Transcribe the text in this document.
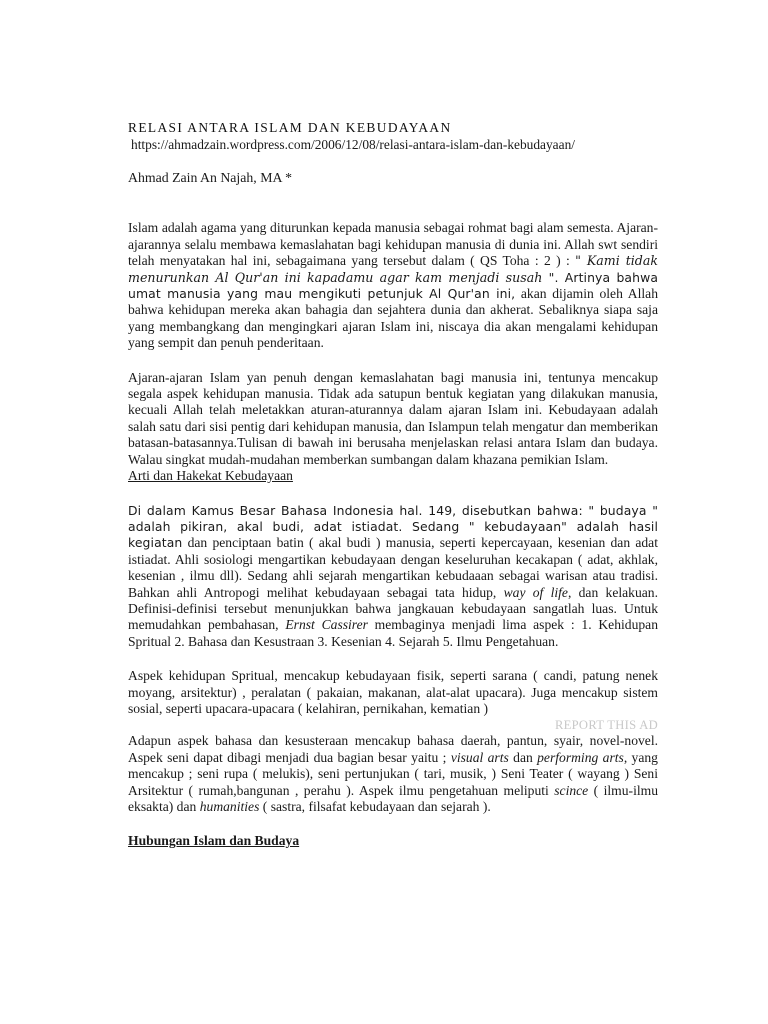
RELASI ANTARA ISLAM DAN KEBUDAYAAN
https://ahmadzain.wordpress.com/2006/12/08/relasi-antara-islam-dan-kebudayaan/
Ahmad Zain An Najah, MA *

Islam adalah agama yang diturunkan kepada manusia sebagai rohmat bagi alam semesta. Ajaran-ajarannya selalu membawa kemaslahatan bagi kehidupan manusia di dunia ini. Allah swt sendiri telah menyatakan hal ini, sebagaimana yang tersebut dalam ( QS Toha : 2 ) : " Kami tidak menurunkan Al Qur'an ini kapadamu agar kam menjadi susah ". Artinya bahwa umat manusia yang mau mengikuti petunjuk Al Qur'an ini, akan dijamin oleh Allah bahwa kehidupan mereka akan bahagia dan sejahtera dunia dan akherat. Sebaliknya siapa saja yang membangkang dan mengingkari ajaran Islam ini, niscaya dia akan mengalami kehidupan yang sempit dan penuh penderitaan.

Ajaran-ajaran Islam yan penuh dengan kemaslahatan bagi manusia ini, tentunya mencakup segala aspek kehidupan manusia. Tidak ada satupun bentuk kegiatan yang dilakukan manusia, kecuali Allah telah meletakkan aturan-aturannya dalam ajaran Islam ini. Kebudayaan adalah salah satu dari sisi pentig dari kehidupan manusia, dan Islampun telah mengatur dan memberikan batasan-batasannya.Tulisan di bawah ini berusaha menjelaskan relasi antara Islam dan budaya. Walau singkat mudah-mudahan memberkan sumbangan dalam khazana pemikian Islam.

Arti dan Hakekat Kebudayaan

Di dalam Kamus Besar Bahasa Indonesia hal. 149, disebutkan bahwa: " budaya " adalah pikiran, akal budi, adat istiadat. Sedang " kebudayaan" adalah hasil kegiatan dan penciptaan batin ( akal budi ) manusia, seperti kepercayaan, kesenian dan adat istiadat. Ahli sosiologi mengartikan kebudayaan dengan keseluruhan kecakapan ( adat, akhlak, kesenian , ilmu dll). Sedang ahli sejarah mengartikan kebudaaan sebagai warisan atau tradisi. Bahkan ahli Antropogi melihat kebudayaan sebagai tata hidup, way of life, dan kelakuan. Definisi-definisi tersebut menunjukkan bahwa jangkauan kebudayaan sangatlah luas. Untuk memudahkan pembahasan, Ernst Cassirer membaginya menjadi lima aspek : 1. Kehidupan Spritual 2. Bahasa dan Kesustraan 3. Kesenian 4. Sejarah 5. Ilmu Pengetahuan.

Aspek kehidupan Spritual, mencakup kebudayaan fisik, seperti sarana ( candi, patung nenek moyang, arsitektur) , peralatan ( pakaian, makanan, alat-alat upacara). Juga mencakup sistem sosial, seperti upacara-upacara ( kelahiran, pernikahan, kematian )

REPORT THIS AD

Adapun aspek bahasa dan kesusteraan mencakup bahasa daerah, pantun, syair, novel-novel. Aspek seni dapat dibagi menjadi dua bagian besar yaitu ; visual arts dan performing arts, yang mencakup ; seni rupa ( melukis), seni pertunjukan ( tari, musik, ) Seni Teater ( wayang ) Seni Arsitektur ( rumah,bangunan , perahu ). Aspek ilmu pengetahuan meliputi scince ( ilmu-ilmu eksakta) dan humanities ( sastra, filsafat kebudayaan dan sejarah ).

Hubungan Islam dan Budaya
